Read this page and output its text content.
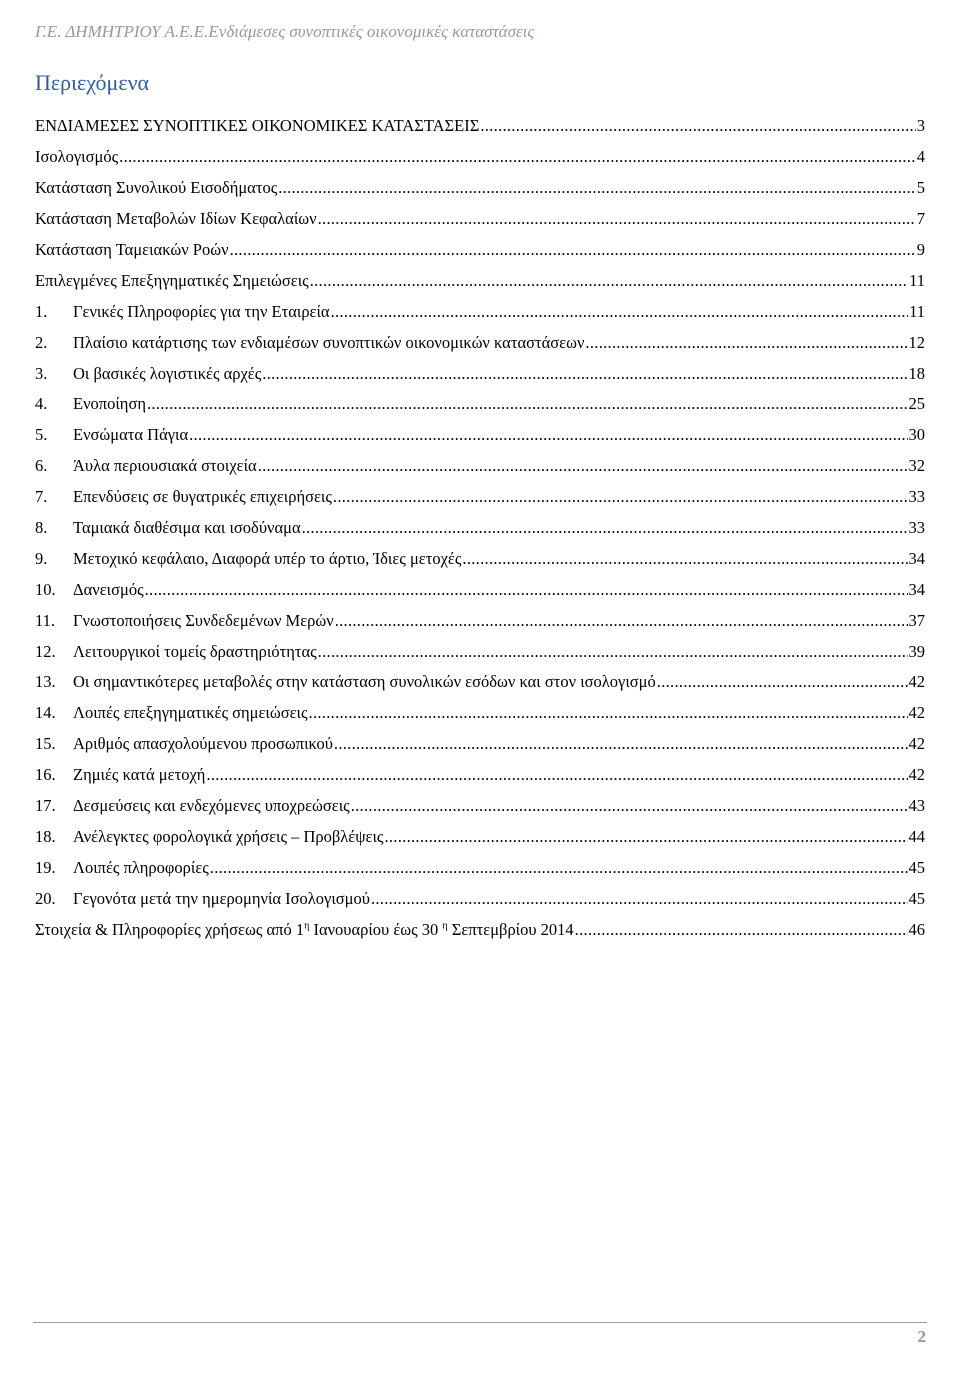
Γ.Ε. ΔΗΜΗΤΡΙΟΥ Α.Ε.Ε.Ενδιάμεσες συνοπτικές οικονομικές καταστάσεις
Περιεχόμενα
ΕΝΔΙΑΜΕΣΕΣ ΣΥΝΟΠΤΙΚΕΣ ΟΙΚΟΝΟΜΙΚΕΣ ΚΑΤΑΣΤΑΣΕΙΣ .....	3
Ισολογισμός .....	4
Κατάσταση Συνολικού Εισοδήματος .....	5
Κατάσταση Μεταβολών Ιδίων Κεφαλαίων .....	7
Κατάσταση Ταμειακών Ροών .....	9
Επιλεγμένες Επεξηγηματικές Σημειώσεις .....	11
1.	Γενικές Πληροφορίες για την Εταιρεία .....	11
2.	Πλαίσιο κατάρτισης των ενδιαμέσων συνοπτικών οικονομικών καταστάσεων .....	12
3.	Οι βασικές λογιστικές αρχές .....	18
4.	Ενοποίηση .....	25
5.	Ενσώματα Πάγια .....	30
6.	Άυλα περιουσιακά στοιχεία .....	32
7.	Επενδύσεις σε θυγατρικές επιχειρήσεις .....	33
8.	Ταμιακά διαθέσιμα και ισοδύναμα .....	33
9.	Μετοχικό κεφάλαιο, Διαφορά υπέρ το άρτιο, Ίδιες μετοχές .....	34
10.	Δανεισμός .....	34
11.	Γνωστοποιήσεις Συνδεδεμένων Μερών .....	37
12.	Λειτουργικοί τομείς δραστηριότητας .....	39
13.	Οι σημαντικότερες μεταβολές στην κατάσταση συνολικών εσόδων και στον ισολογισμό .....	42
14.	Λοιπές επεξηγηματικές σημειώσεις .....	42
15.	Αριθμός απασχολούμενου προσωπικού .....	42
16.	Ζημιές κατά μετοχή .....	42
17.	Δεσμεύσεις και ενδεχόμενες υποχρεώσεις .....	43
18.	Ανέλεγκτες φορολογικά χρήσεις – Προβλέψεις .....	44
19.	Λοιπές πληροφορίες .....	45
20.	Γεγονότα μετά την ημερομηνία Ισολογισμού .....	45
Στοιχεία & Πληροφορίες χρήσεως από $1^\eta$ Ιανουαρίου έως 30 $^\eta$ Σεπτεμβρίου 2014 .....	46
2
